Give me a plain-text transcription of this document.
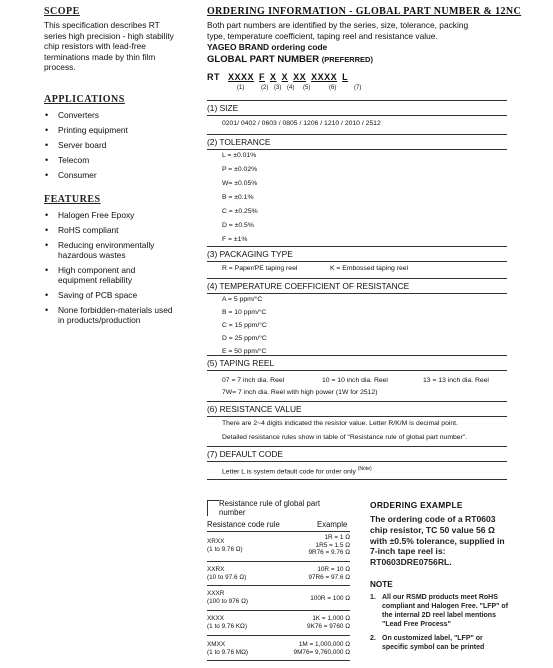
SCOPE
This specification describes RT
series high precision - high stability
chip resistors with lead-free
terminations made by thin film
process.
APPLICATIONS
• Converters
• Printing equipment
• Server board
• Telecom
• Consumer
FEATURES
• Halogen Free Epoxy
• RoHS compliant
• Reducing environmentally
hazardous wastes
• High component and
equipment reliability
• Saving of PCB space
• None forbidden-materials used
in products/production
ORDERING INFORMATION - GLOBAL PART NUMBER & 12NC
Both part numbers are identified by the series, size, tolerance, packing
type, temperature coefficient, taping reel and resistance value.
YAGEO BRAND ordering code
GLOBAL PART NUMBER (PREFERRED)
RT XXXX F X X XX XXXX L
(1)	(2) (3) (4) (5)	(6)	(7)
(1) SIZE
0201/ 0402 / 0603 / 0805 / 1206 / 1210 / 2010 / 2512
(2) TOLERANCE
L = ±0.01%
P = ±0.02%
W= ±0.05%
B = ±0.1%
C = ±0.25%
D = ±0.5%
F = ±1%
(3) PACKAGING TYPE
R = Paper/PE taping reel	K = Embossed taping reel
(4) TEMPERATURE COEFFICIENT OF RESISTANCE
A = 5 ppm/°C
B = 10 ppm/°C
C = 15 ppm/°C
D = 25 ppm/°C
E = 50 ppm/°C
(5) TAPING REEL
07 = 7 inch dia. Reel	10 = 10 inch dia. Reel	13 = 13 inch dia. Reel
7W= 7 inch dia. Reel with high power (1W for 2512)
(6) RESISTANCE VALUE
There are 2~4 digits indicated the resistor value. Letter R/K/M is decimal point.
Detailed resistance rules show in table of "Resistance rule of global part number".
(7) DEFAULT CODE
Letter L is system default code for order only $^{(Note)}$
Resistance rule of global part
number
Resistance code rule	Example
XRXX
(1 to 9.76 Ω)
1R = 1 Ω
1R5 = 1.5 Ω
9R76 = 9.76 Ω
XXRX
(10 to 97.6 Ω)
10R = 10 Ω
97R6 = 97.6 Ω
XXXR
(100 to 976 Ω)	100R = 100 Ω
XKXX
(1 to 9.76 KΩ)
1K = 1,000 Ω
9K76 = 9760 Ω
XMXX
(1 to 9.76 MΩ)
1M = 1,000,000 Ω
9M76= 9,760,000 Ω
ORDERING EXAMPLE
The ordering code of a RT0603
chip resistor, TC 50 value 56 Ω
with ±0.5% tolerance, supplied in
7-inch tape reel is:
RT0603DRE0756RL.
NOTE
1. All our RSMD products meet RoHS
compliant and Halogen Free. "LFP" of
the internal 2D reel label mentions
"Lead Free Process"
2. On customized label, "LFP" or
specific symbol can be printed
